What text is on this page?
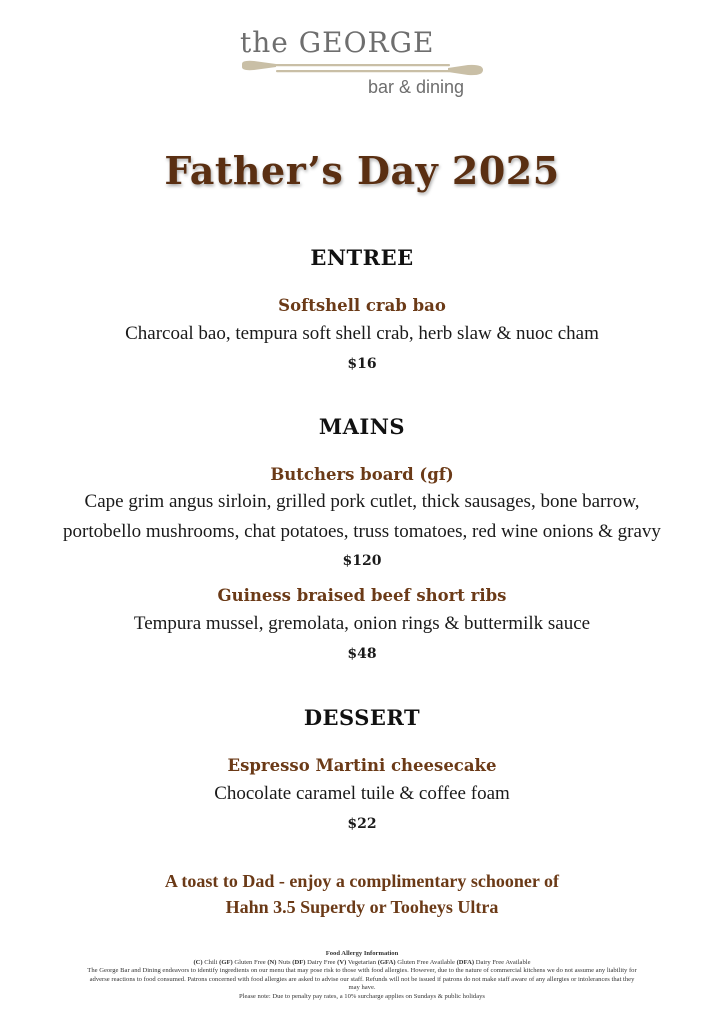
the GEORGE
bar & dining
Father’s Day 2025
ENTREE
Softshell crab bao
Charcoal bao, tempura soft shell crab, herb slaw & nuoc cham
$16
MAINS
Butchers board (gf)
Cape grim angus sirloin, grilled pork cutlet, thick sausages, bone barrow,
portobello mushrooms, chat potatoes, truss tomatoes, red wine onions & gravy
$120
Guiness braised beef short ribs
Tempura mussel, gremolata, onion rings & buttermilk sauce
$48
DESSERT
Espresso Martini cheesecake
Chocolate caramel tuile & coffee foam
$22
A toast to Dad - enjoy a complimentary schooner of
Hahn 3.5 Superdy or Tooheys Ultra
Food Allergy Information
(C) Chili (GF) Gluten Free (N) Nuts (DF) Dairy Free (V) Vegetarian (GFA) Gluten Free Available (DFA) Dairy Free Available
The George Bar and Dining endeavors to identify ingredients on our menu that may pose risk to those with food allergies. However, due to the nature of commercial kitchens we do not assume any liability for
adverse reactions to food consumed. Patrons concerned with food allergies are asked to advise our staff. Refunds will not be issued if patrons do not make staff aware of any allergies or intolerances that they
may have.
Please note: Due to penalty pay rates, a 10% surcharge applies on Sundays & public holidays
